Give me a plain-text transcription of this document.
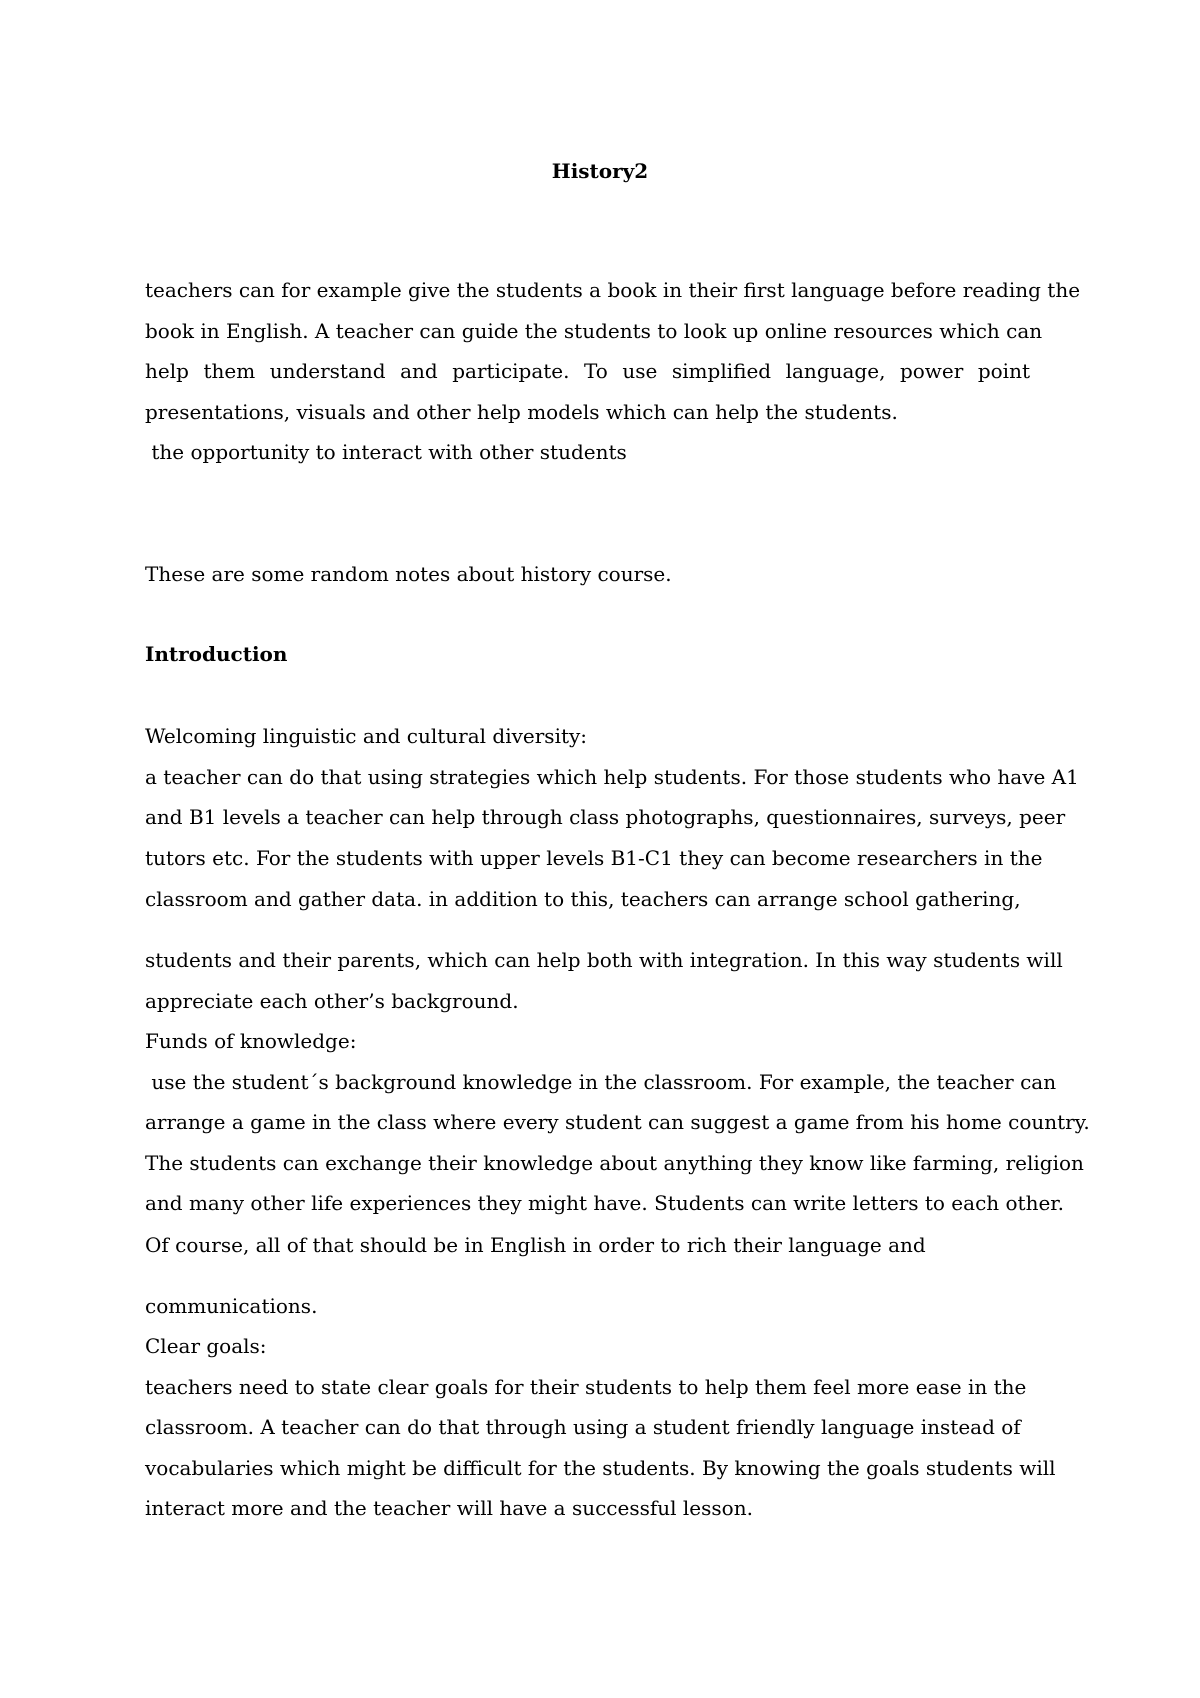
History2
teachers can for example give the students a book in their first language before reading the
book in English. A teacher can guide the students to look up online resources which can
help them understand and participate. To use simplified language, power point
presentations, visuals and other help models which can help the students.
the opportunity to interact with other students

These are some random notes about history course.

Introduction
Welcoming linguistic and cultural diversity:
a teacher can do that using strategies which help students. For those students who have A1
and B1 levels a teacher can help through class photographs, questionnaires, surveys, peer
tutors etc. For the students with upper levels B1-C1 they can become researchers in the
classroom and gather data. in addition to this, teachers can arrange school gathering,
students and their parents, which can help both with integration. In this way students will
appreciate each other’s background.
Funds of knowledge:
use the student´s background knowledge in the classroom. For example, the teacher can
arrange a game in the class where every student can suggest a game from his home country.
The students can exchange their knowledge about anything they know like farming, religion
and many other life experiences they might have. Students can write letters to each other.
Of course, all of that should be in English in order to rich their language and
communications.
Clear goals:
teachers need to state clear goals for their students to help them feel more ease in the
classroom. A teacher can do that through using a student friendly language instead of
vocabularies which might be difficult for the students. By knowing the goals students will
interact more and the teacher will have a successful lesson.
